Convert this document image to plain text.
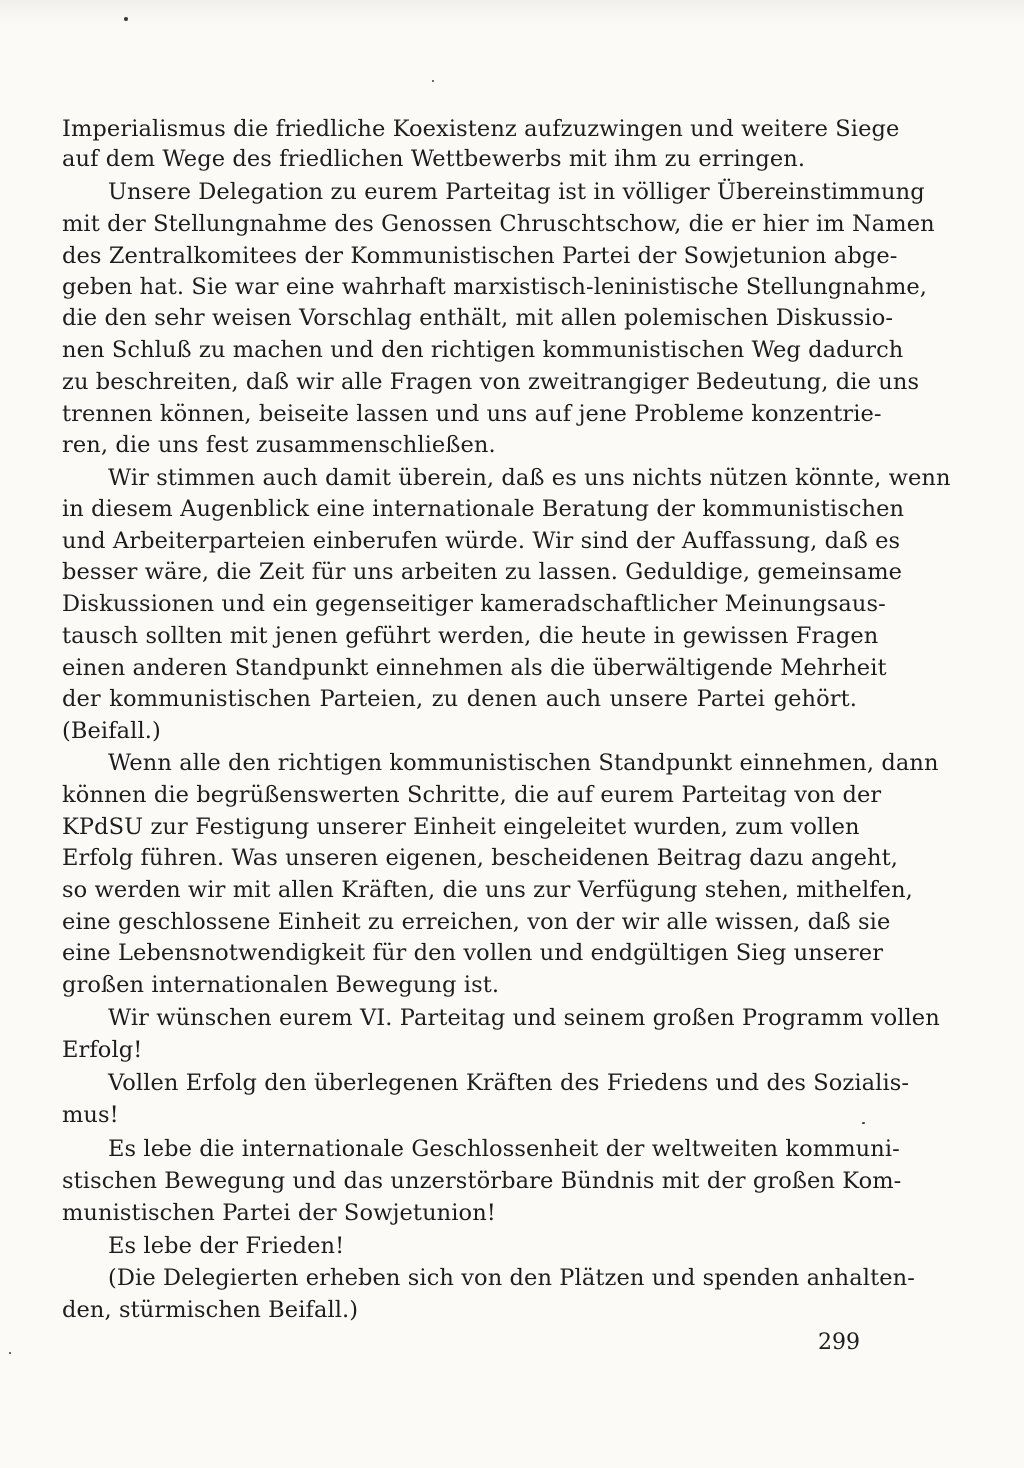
Imperialismus die friedliche Koexistenz aufzuzwingen und weitere Siege
auf dem Wege des friedlichen Wettbewerbs mit ihm zu erringen.
Unsere Delegation zu eurem Parteitag ist in völliger Übereinstimmung
mit der Stellungnahme des Genossen Chruschtschow, die er hier im Namen
des Zentralkomitees der Kommunistischen Partei der Sowjetunion abge-
geben hat. Sie war eine wahrhaft marxistisch-leninistische Stellungnahme,
die den sehr weisen Vorschlag enthält, mit allen polemischen Diskussio-
nen Schluß zu machen und den richtigen kommunistischen Weg dadurch
zu beschreiten, daß wir alle Fragen von zweitrangiger Bedeutung, die uns
trennen können, beiseite lassen und uns auf jene Probleme konzentrie-
ren, die uns fest zusammenschließen.
Wir stimmen auch damit überein, daß es uns nichts nützen könnte, wenn
in diesem Augenblick eine internationale Beratung der kommunistischen
und Arbeiterparteien einberufen würde. Wir sind der Auffassung, daß es
besser wäre, die Zeit für uns arbeiten zu lassen. Geduldige, gemeinsame
Diskussionen und ein gegenseitiger kameradschaftlicher Meinungsaus-
tausch sollten mit jenen geführt werden, die heute in gewissen Fragen
einen anderen Standpunkt einnehmen als die überwältigende Mehrheit
der kommunistischen Parteien, zu denen auch unsere Partei gehört.
(Beifall.)
Wenn alle den richtigen kommunistischen Standpunkt einnehmen, dann
können die begrüßenswerten Schritte, die auf eurem Parteitag von der
KPdSU zur Festigung unserer Einheit eingeleitet wurden, zum vollen
Erfolg führen. Was unseren eigenen, bescheidenen Beitrag dazu angeht,
so werden wir mit allen Kräften, die uns zur Verfügung stehen, mithelfen,
eine geschlossene Einheit zu erreichen, von der wir alle wissen, daß sie
eine Lebensnotwendigkeit für den vollen und endgültigen Sieg unserer
großen internationalen Bewegung ist.
Wir wünschen eurem VI. Parteitag und seinem großen Programm vollen
Erfolg!
Vollen Erfolg den überlegenen Kräften des Friedens und des Sozialis-
mus!
Es lebe die internationale Geschlossenheit der weltweiten kommuni-
stischen Bewegung und das unzerstörbare Bündnis mit der großen Kom-
munistischen Partei der Sowjetunion!
Es lebe der Frieden!
(Die Delegierten erheben sich von den Plätzen und spenden anhalten-
den, stürmischen Beifall.)
299
